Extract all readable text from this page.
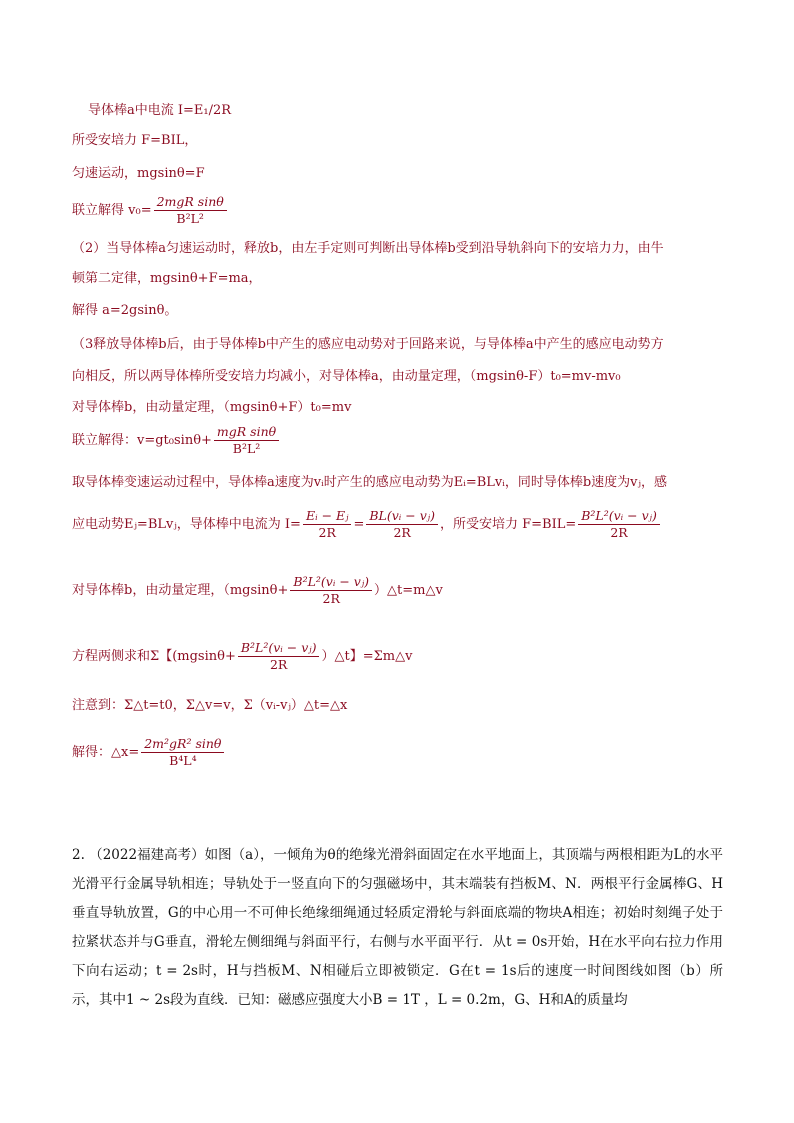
导体棒a中电流 I=E₁/2R
所受安培力 F=BIL，
匀速运动，mgsinθ=F
联立解得 $v_0= \frac{\text{2mgR sinθ}}{\text{B²L²}}$
（2）当导体棒a匀速运动时，释放b，由左手定则可判断出导体棒b受到沿导轨斜向下的安培力力，由牛
顿第二定律，mgsinθ+F=ma，
解得 a=2gsinθ。
（3释放导体棒b后，由于导体棒b中产生的感应电动势对于回路来说，与导体棒a中产生的感应电动势方
向相反，所以两导体棒所受安培力均减小，对导体棒a，由动量定理，（mgsinθ-F）t₀=mv-mv₀
对导体棒b，由动量定理，（mgsinθ+F）t₀=mv
联立解得：$v=gt_0\sin\theta+ \frac{\text{mgR sinθ}}{\text{B²L²}}$
取导体棒变速运动过程中，导体棒a速度为vᵢ时产生的感应电动势为Eᵢ=BLvᵢ，同时导体棒b速度为vⱼ，感
应电动势Eⱼ=BLvⱼ，导体棒中电流为 $I= \frac{\text{Eᵢ − Eⱼ}}{2R} = \frac{\text{BL(vᵢ − vⱼ)}}{2R}$ ，所受安培力 $F=BIL= \frac{\text{B²L²(vᵢ − vⱼ)}}{2R}$
对导体棒b，由动量定理，（$mgsin\theta+ \frac{\text{B²L²(vᵢ − vⱼ)}}{2R}$ ）△t=m△v
方程两侧求和Σ【($mgsin\theta+ \frac{\text{B²L²(vᵢ − vⱼ)}}{2R}$ ）△t】=Σm△v
注意到：Σ△t=t0，Σ△v=v，Σ（vᵢ-vⱼ）△t=△x
解得：△x= $\frac{\text{2m²gR² sinθ}}{\text{B⁴L⁴}}$
2. （2022福建高考）如图（a），一倾角为θ的绝缘光滑斜面固定在水平地面上，其顶端与两根相距为L的水平光滑平行金属导轨相连；导轨处于一竖直向下的匀强磁场中，其末端装有挡板M、N．两根平行金属棒G、H垂直导轨放置，G的中心用一不可伸长绝缘细绳通过轻质定滑轮与斜面底端的物块A相连；初始时刻绳子处于拉紧状态并与G垂直，滑轮左侧细绳与斜面平行，右侧与水平面平行．从t = 0s开始，H在水平向右拉力作用下向右运动；t = 2s时，H与挡板M、N相碰后立即被锁定．G在t = 1s后的速度一时间图线如图（b）所示，其中1 ~ 2s段为直线．已知：磁感应强度大小B = 1T ，L = 0.2m，G、H和A的质量均
